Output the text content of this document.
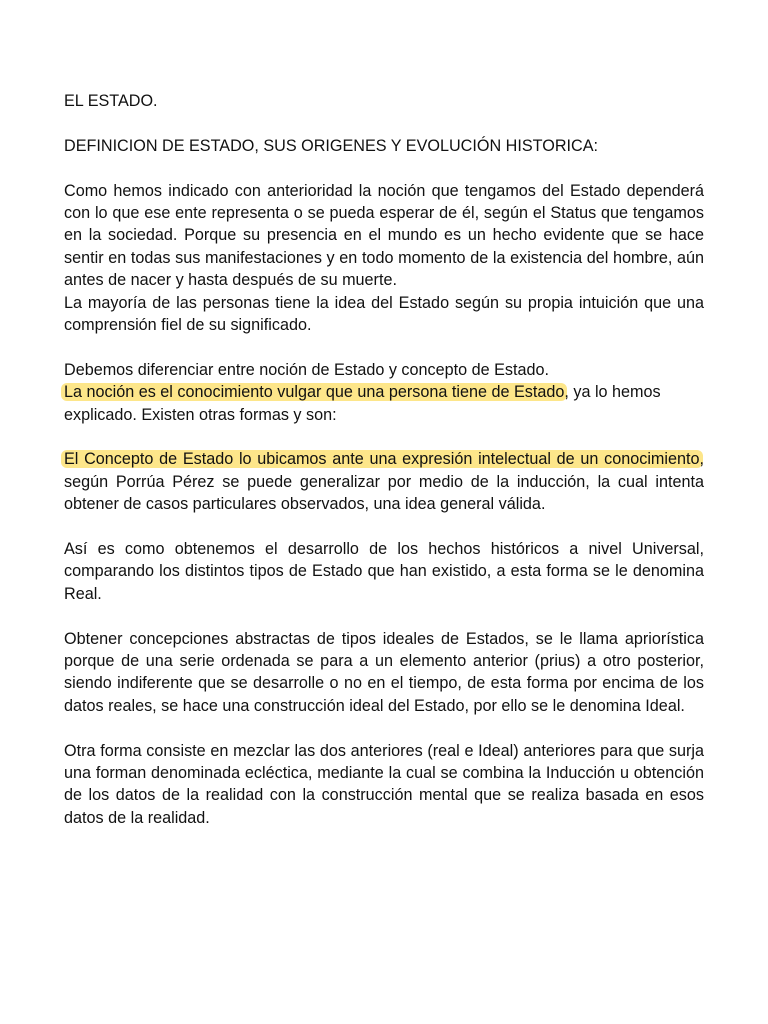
EL ESTADO.

DEFINICION DE ESTADO, SUS ORIGENES Y EVOLUCIÓN HISTORICA:

Como hemos indicado con anterioridad la noción que tengamos del Estado dependerá con lo que ese ente representa o se pueda esperar de él, según el Status que tengamos en la sociedad. Porque su presencia en el mundo es un hecho evidente que se hace sentir en todas sus manifestaciones y en todo momento de la existencia del hombre, aún antes de nacer y hasta después de su muerte.

La mayoría de las personas tiene la idea del Estado según su propia intuición que una comprensión fiel de su significado.

Debemos diferenciar entre noción de Estado y concepto de Estado.

La noción es el conocimiento vulgar que una persona tiene de Estado, ya lo hemos explicado. Existen otras formas y son:

El Concepto de Estado lo ubicamos ante una expresión intelectual de un conocimiento, según Porrúa Pérez se puede generalizar por medio de la inducción, la cual intenta obtener de casos particulares observados, una idea general válida.

Así es como obtenemos el desarrollo de los hechos históricos a nivel Universal, comparando los distintos tipos de Estado que han existido, a esta forma se le denomina Real.

Obtener concepciones abstractas de tipos ideales de Estados, se le llama apriorística porque de una serie ordenada se para a un elemento anterior (prius) a otro posterior, siendo indiferente que se desarrolle o no en el tiempo, de esta forma por encima de los datos reales, se hace una construcción ideal del Estado, por ello se le denomina Ideal.

Otra forma consiste en mezclar las dos anteriores (real e Ideal) anteriores para que surja una forman denominada ecléctica, mediante la cual se combina la Inducción u obtención de los datos de la realidad con la construcción mental que se realiza basada en esos datos de la realidad.
